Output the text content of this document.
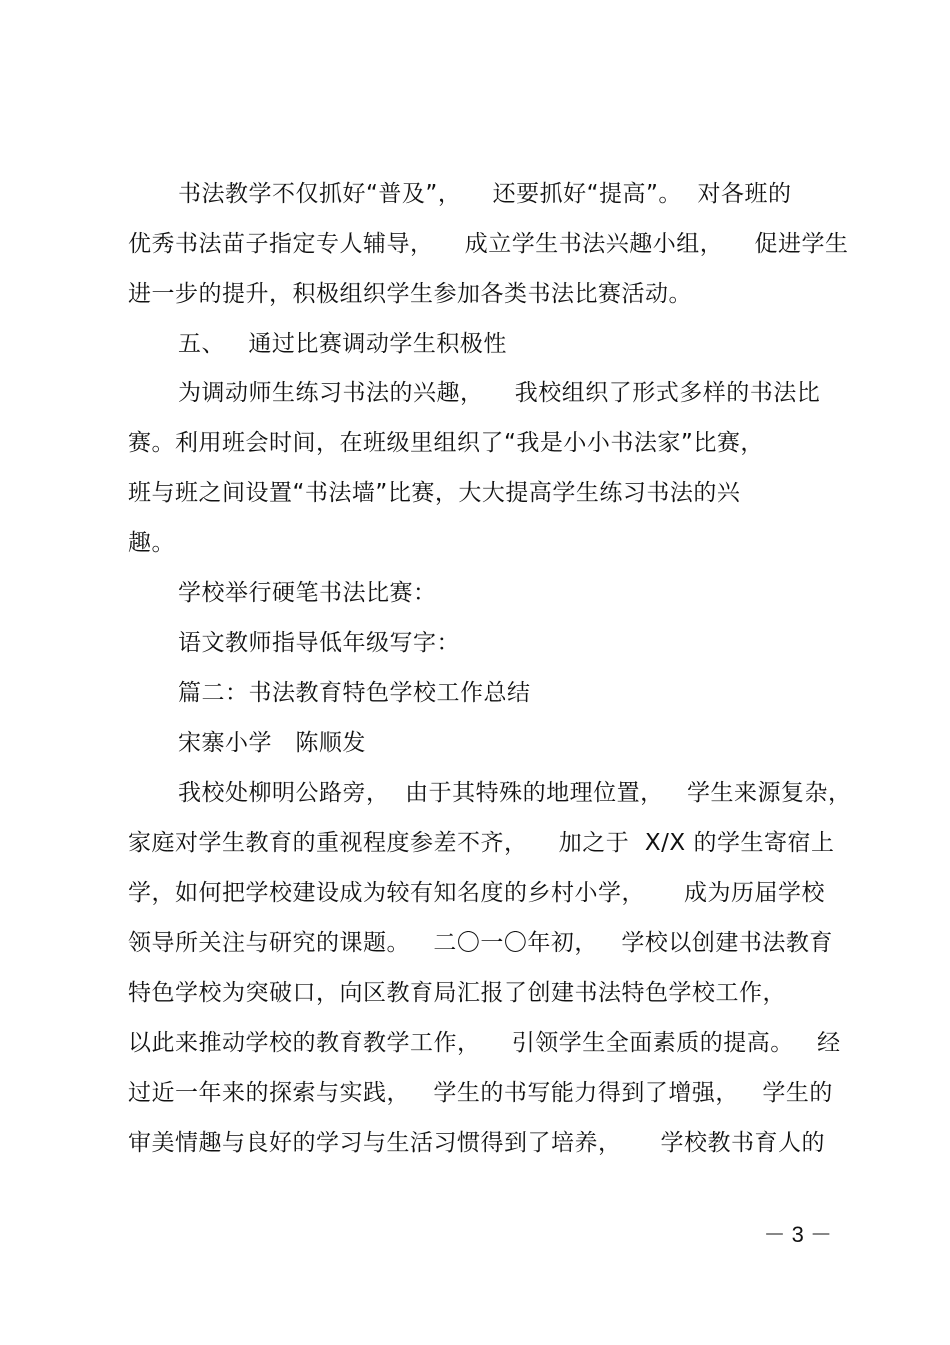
书法教学不仅抓好“普及”，    还要抓好“提高”。  对各班的
优秀书法苗子指定专人辅导，    成立学生书法兴趣小组，    促进学生
进一步的提升，积极组织学生参加各类书法比赛活动。
五、   通过比赛调动学生积极性
为调动师生练习书法的兴趣，    我校组织了形式多样的书法比
赛。利用班会时间，在班级里组织了“我是小小书法家”比赛，
班与班之间设置“书法墙”比赛，大大提高学生练习书法的兴
趣。
学校举行硬笔书法比赛：
语文教师指导低年级写字：
篇二：书法教育特色学校工作总结
宋寨小学   陈顺发
我校处柳明公路旁，  由于其特殊的地理位置，   学生来源复杂，
家庭对学生教育的重视程度参差不齐，    加之于  X/X 的学生寄宿上
学，如何把学校建设成为较有知名度的乡村小学，     成为历届学校
领导所关注与研究的课题。   二〇一〇年初，   学校以创建书法教育
特色学校为突破口，向区教育局汇报了创建书法特色学校工作，
以此来推动学校的教育教学工作，    引领学生全面素质的提高。   经
过近一年来的探索与实践，   学生的书写能力得到了增强，   学生的
审美情趣与良好的学习与生活习惯得到了培养，     学校教书育人的
－ 3 －
